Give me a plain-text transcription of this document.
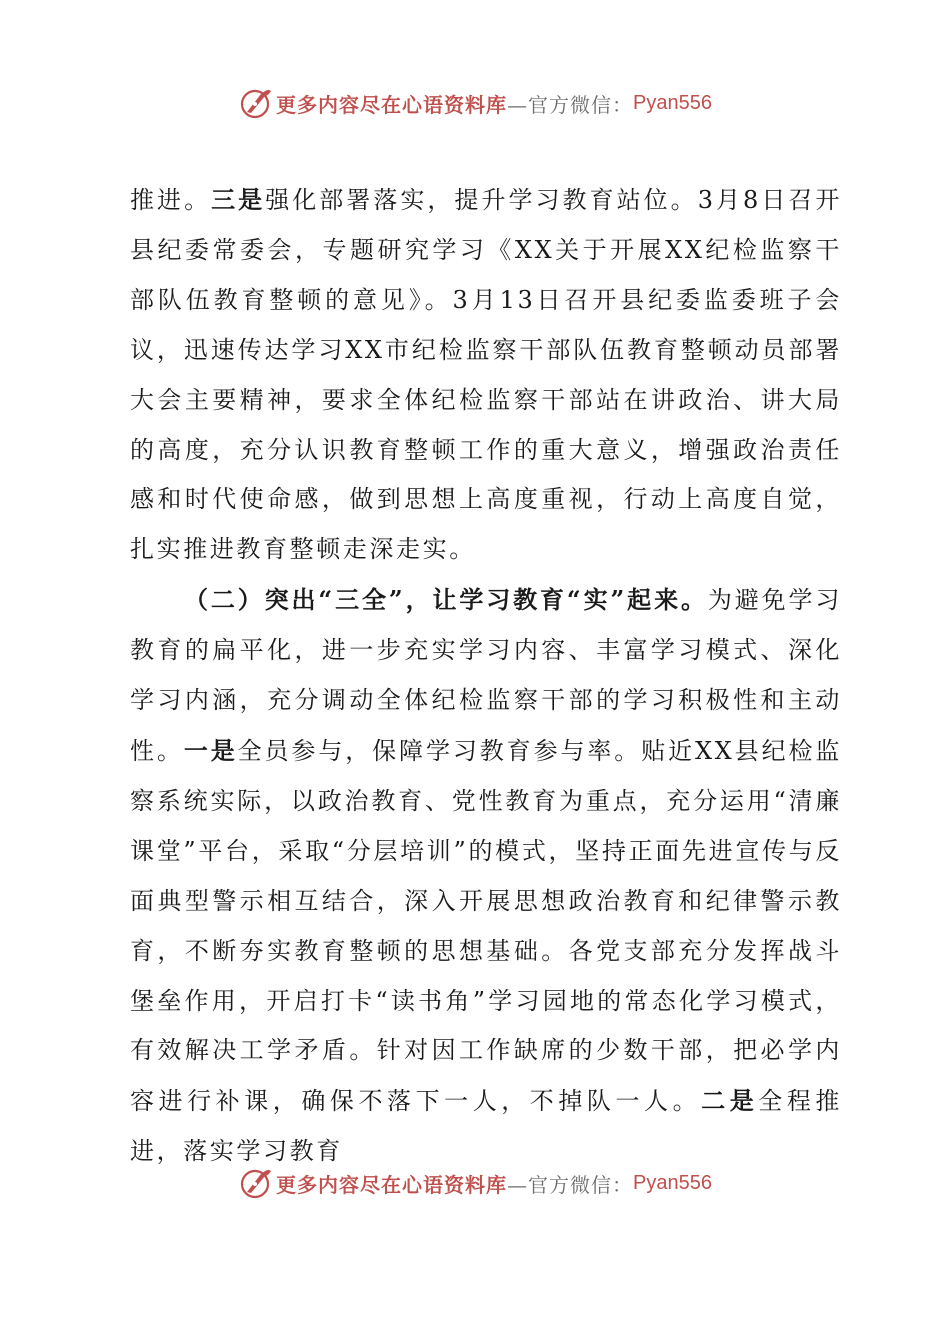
更多内容尽在心语资料库 —官方微信： Pyan556

推进。三是强化部署落实，提升学习教育站位。3月8日召开县纪委常委会，专题研究学习《XX关于开展XX纪检监察干部队伍教育整顿的意见》。3月13日召开县纪委监委班子会议，迅速传达学习XX市纪检监察干部队伍教育整顿动员部署大会主要精神，要求全体纪检监察干部站在讲政治、讲大局的高度，充分认识教育整顿工作的重大意义，增强政治责任感和时代使命感，做到思想上高度重视，行动上高度自觉，扎实推进教育整顿走深走实。

（二）突出“三全”，让学习教育“实”起来。为避免学习教育的扁平化，进一步充实学习内容、丰富学习模式、深化学习内涵，充分调动全体纪检监察干部的学习积极性和主动性。一是全员参与，保障学习教育参与率。贴近XX县纪检监察系统实际，以政治教育、党性教育为重点，充分运用“清廉课堂”平台，采取“分层培训”的模式，坚持正面先进宣传与反面典型警示相互结合，深入开展思想政治教育和纪律警示教育，不断夯实教育整顿的思想基础。各党支部充分发挥战斗堡垒作用，开启打卡“读书角”学习园地的常态化学习模式，有效解决工学矛盾。针对因工作缺席的少数干部，把必学内容进行补课，确保不落下一人，不掉队一人。二是全程推进，落实学习教育

更多内容尽在心语资料库 —官方微信： Pyan556
